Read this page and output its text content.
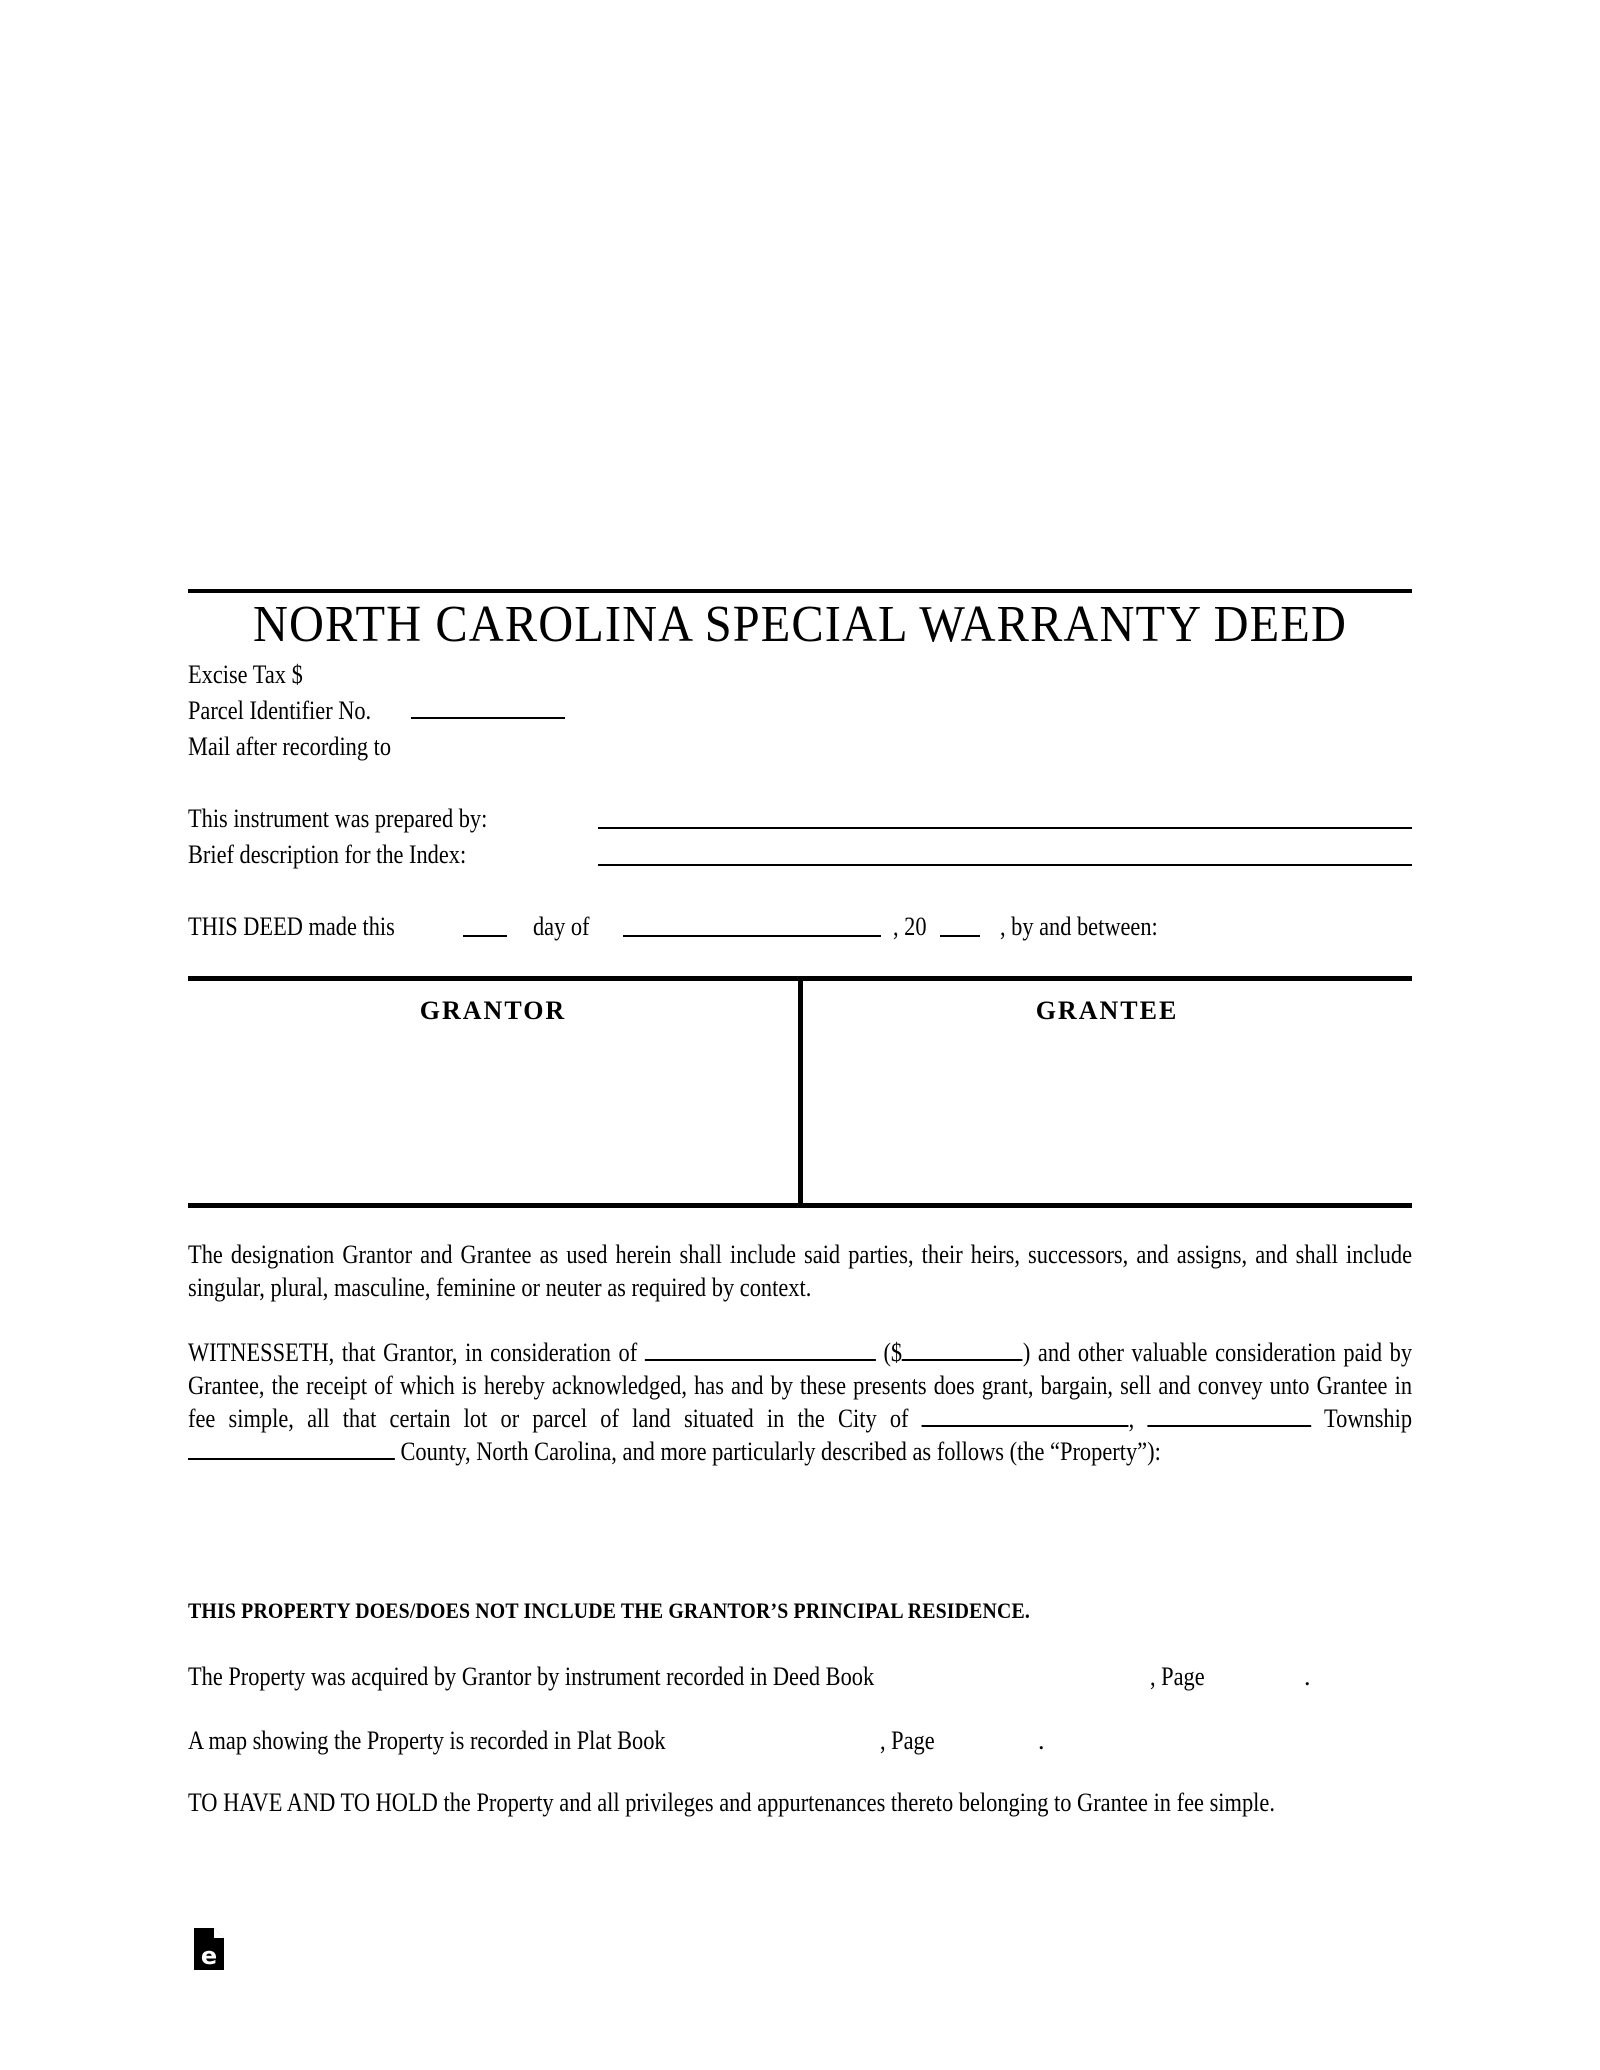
NORTH CAROLINA SPECIAL WARRANTY DEED
Excise Tax $
Parcel Identifier No.
Mail after recording to
This instrument was prepared by:
Brief description for the Index:
THIS DEED made this	day of	, 20	, by and between:
GRANTOR	GRANTEE
The designation Grantor and Grantee as used herein shall include said parties, their heirs, successors, and assigns, and shall include singular, plural, masculine, feminine or neuter as required by context.
WITNESSETH, that Grantor, in consideration of	($	) and other valuable consideration paid by Grantee, the receipt of which is hereby acknowledged, has and by these presents does grant, bargain, sell and convey unto Grantee in fee simple, all that certain lot or parcel of land situated in the City of	,	Township  County, North Carolina, and more particularly described as follows (the “Property”):
THIS PROPERTY DOES/DOES NOT INCLUDE THE GRANTOR’S PRINCIPAL RESIDENCE.
The Property was acquired by Grantor by instrument recorded in Deed Book	, Page	.
A map showing the Property is recorded in Plat Book	, Page	.
TO HAVE AND TO HOLD the Property and all privileges and appurtenances thereto belonging to Grantee in fee simple.
e
